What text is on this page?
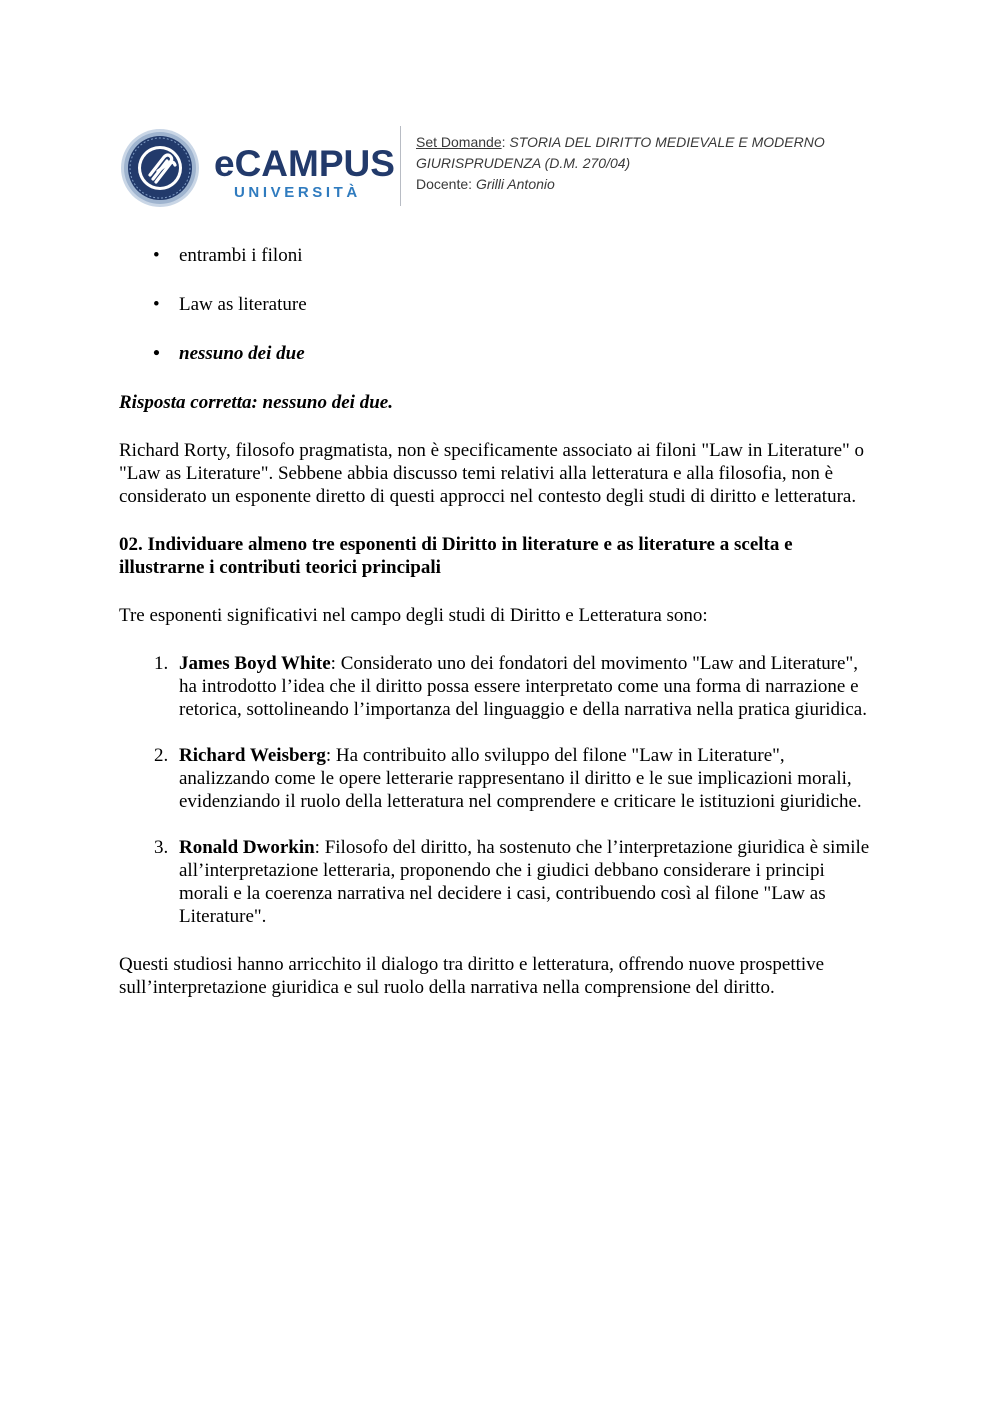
eCAMPUS
UNIVERSITÀ
Set Domande: STORIA DEL DIRITTO MEDIEVALE E MODERNO
GIURISPRUDENZA (D.M. 270/04)
Docente: Grilli Antonio
• entrambi i filoni
• Law as literature
• nessuno dei due
Risposta corretta: nessuno dei due.

Richard Rorty, filosofo pragmatista, non è specificamente associato ai filoni "Law in Literature" o "Law as Literature". Sebbene abbia discusso temi relativi alla letteratura e alla filosofia, non è considerato un esponente diretto di questi approcci nel contesto degli studi di diritto e letteratura.

02. Individuare almeno tre esponenti di Diritto in literature e as literature a scelta e illustrarne i contributi teorici principali

Tre esponenti significativi nel campo degli studi di Diritto e Letteratura sono:

1. James Boyd White: Considerato uno dei fondatori del movimento "Law and Literature", ha introdotto l’idea che il diritto possa essere interpretato come una forma di narrazione e retorica, sottolineando l’importanza del linguaggio e della narrativa nella pratica giuridica.
2. Richard Weisberg: Ha contribuito allo sviluppo del filone "Law in Literature", analizzando come le opere letterarie rappresentano il diritto e le sue implicazioni morali, evidenziando il ruolo della letteratura nel comprendere e criticare le istituzioni giuridiche.
3. Ronald Dworkin: Filosofo del diritto, ha sostenuto che l’interpretazione giuridica è simile all’interpretazione letteraria, proponendo che i giudici debbano considerare i principi morali e la coerenza narrativa nel decidere i casi, contribuendo così al filone "Law as Literature".

Questi studiosi hanno arricchito il dialogo tra diritto e letteratura, offrendo nuove prospettive sull’interpretazione giuridica e sul ruolo della narrativa nella comprensione del diritto.
